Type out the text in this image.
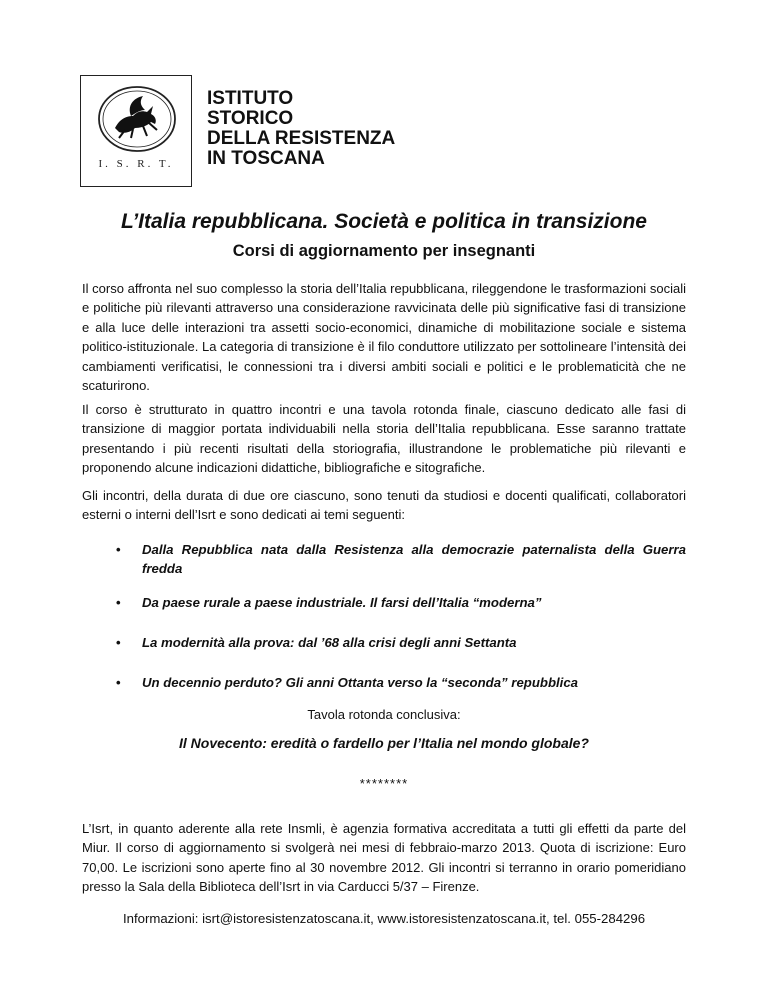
I. S. R. T.
ISTITUTO
STORICO
DELLA RESISTENZA
IN TOSCANA
L’Italia repubblicana. Società e politica in transizione
Corsi di aggiornamento per insegnanti
Il corso affronta nel suo complesso la storia dell’Italia repubblicana, rileggendone le trasformazioni sociali e politiche più rilevanti attraverso una considerazione ravvicinata delle più significative fasi di transizione e alla luce delle interazioni tra assetti socio-economici, dinamiche di mobilitazione sociale e sistema politico-istituzionale. La categoria di transizione è il filo conduttore utilizzato per sottolineare l’intensità dei cambiamenti verificatisi, le connessioni tra i diversi ambiti sociali e politici e le problematicità che ne scaturirono.
Il corso è strutturato in quattro incontri e una tavola rotonda finale, ciascuno dedicato alle fasi di transizione di maggior portata individuabili nella storia dell’Italia repubblicana. Esse saranno trattate presentando i più recenti risultati della storiografia, illustrandone le problematiche più rilevanti e proponendo alcune indicazioni didattiche, bibliografiche e sitografiche.
Gli incontri, della durata di due ore ciascuno, sono tenuti da studiosi e docenti qualificati, collaboratori esterni o interni dell’Isrt e sono dedicati ai temi seguenti:
• Dalla Repubblica nata dalla Resistenza alla democrazie paternalista della Guerra fredda
• Da paese rurale a paese industriale. Il farsi dell’Italia “moderna”
• La modernità alla prova: dal ’68 alla crisi degli anni Settanta
• Un decennio perduto? Gli anni Ottanta verso la “seconda” repubblica
Tavola rotonda conclusiva:
Il Novecento: eredità o fardello per l’Italia nel mondo globale?
********
L’Isrt, in quanto aderente alla rete Insmli, è agenzia formativa accreditata a tutti gli effetti da parte del Miur. Il corso di aggiornamento si svolgerà nei mesi di febbraio-marzo 2013. Quota di iscrizione: Euro 70,00. Le iscrizioni sono aperte fino al 30 novembre 2012. Gli incontri si terranno in orario pomeridiano presso la Sala della Biblioteca dell’Isrt in via Carducci 5/37 – Firenze.
Informazioni: isrt@istoresistenzatoscana.it, www.istoresistenzatoscana.it, tel. 055-284296
